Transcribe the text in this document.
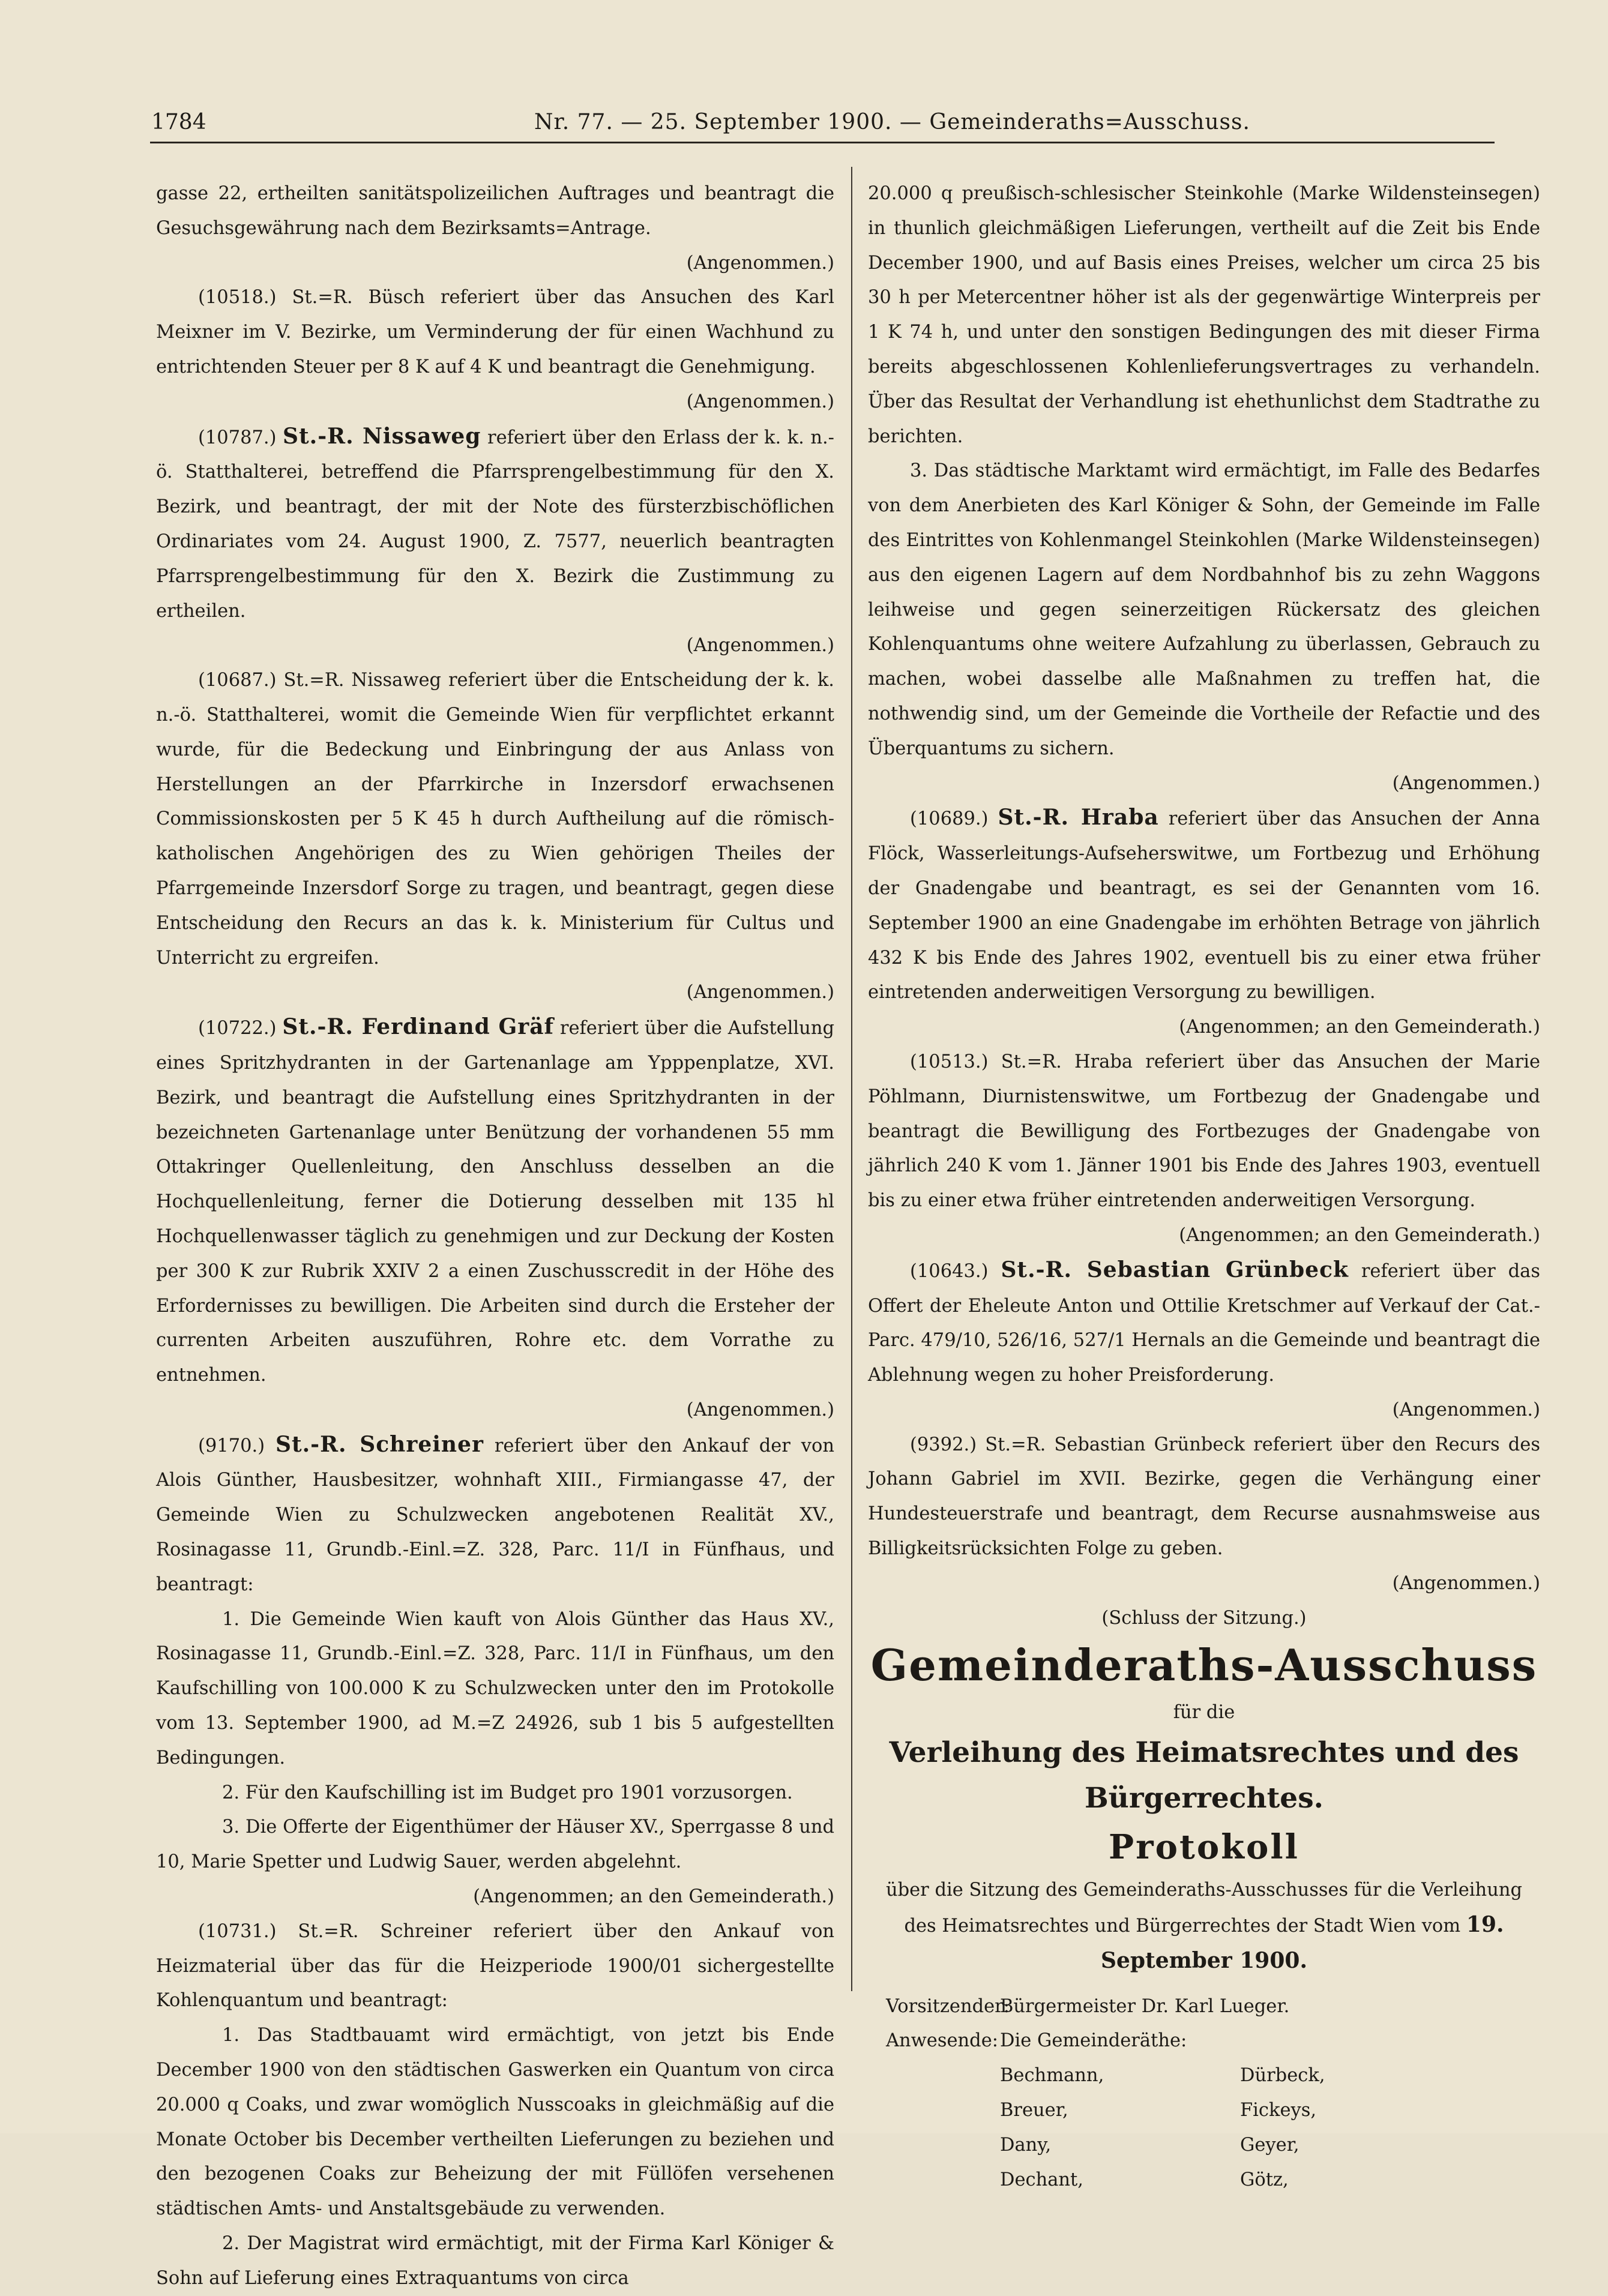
1784	Nr. 77. — 25. September 1900. — Gemeinderaths=Ausschuss.

gasse 22, ertheilten sanitätspolizeilichen Auftrages und beantragt die Gesuchsgewährung nach dem Bezirksamts=Antrage.

(Angenommen.)

(10518.) St.=R. Büsch referiert über das Ansuchen des Karl Meixner im V. Bezirke, um Verminderung der für einen Wachhund zu entrichtenden Steuer per 8 K auf 4 K und beantragt die Genehmigung.

(Angenommen.)

(10787.) St.-R. Nissaweg referiert über den Erlass der k. k. n.-ö. Statthalterei, betreffend die Pfarrsprengelbestimmung für den X. Bezirk, und beantragt, der mit der Note des fürsterzbischöflichen Ordinariates vom 24. August 1900, Z. 7577, neuerlich beantragten Pfarrsprengelbestimmung für den X. Bezirk die Zustimmung zu ertheilen.

(Angenommen.)

(10687.) St.=R. Nissaweg referiert über die Entscheidung der k. k. n.-ö. Statthalterei, womit die Gemeinde Wien für verpflichtet erkannt wurde, für die Bedeckung und Einbringung der aus Anlass von Herstellungen an der Pfarrkirche in Inzersdorf erwachsenen Commissionskosten per 5 K 45 h durch Auftheilung auf die römisch-katholischen Angehörigen des zu Wien gehörigen Theiles der Pfarrgemeinde Inzersdorf Sorge zu tragen, und beantragt, gegen diese Entscheidung den Recurs an das k. k. Ministerium für Cultus und Unterricht zu ergreifen.

(Angenommen.)

(10722.) St.-R. Ferdinand Gräf referiert über die Aufstellung eines Spritzhydranten in der Gartenanlage am Ypppenplatze, XVI. Bezirk, und beantragt die Aufstellung eines Spritzhydranten in der bezeichneten Gartenanlage unter Benützung der vorhandenen 55 mm Ottakringer Quellenleitung, den Anschluss desselben an die Hochquellenleitung, ferner die Dotierung desselben mit 135 hl Hochquellenwasser täglich zu genehmigen und zur Deckung der Kosten per 300 K zur Rubrik XXIV 2 a einen Zuschusscredit in der Höhe des Erfordernisses zu bewilligen. Die Arbeiten sind durch die Ersteher der currenten Arbeiten auszuführen, Rohre etc. dem Vorrathe zu entnehmen.

(Angenommen.)

(9170.) St.-R. Schreiner referiert über den Ankauf der von Alois Günther, Hausbesitzer, wohnhaft XIII., Firmiangasse 47, der Gemeinde Wien zu Schulzwecken angebotenen Realität XV., Rosinagasse 11, Grundb.-Einl.=Z. 328, Parc. 11/I in Fünfhaus, und beantragt:

1. Die Gemeinde Wien kauft von Alois Günther das Haus XV., Rosinagasse 11, Grundb.-Einl.=Z. 328, Parc. 11/I in Fünfhaus, um den Kaufschilling von 100.000 K zu Schulzwecken unter den im Protokolle vom 13. September 1900, ad M.=Z 24926, sub 1 bis 5 aufgestellten Bedingungen.

2. Für den Kaufschilling ist im Budget pro 1901 vorzusorgen.

3. Die Offerte der Eigenthümer der Häuser XV., Sperrgasse 8 und 10, Marie Spetter und Ludwig Sauer, werden abgelehnt.

(Angenommen; an den Gemeinderath.)

(10731.) St.=R. Schreiner referiert über den Ankauf von Heizmaterial über das für die Heizperiode 1900/01 sichergestellte Kohlenquantum und beantragt:

1. Das Stadtbauamt wird ermächtigt, von jetzt bis Ende December 1900 von den städtischen Gaswerken ein Quantum von circa 20.000 q Coaks, und zwar womöglich Nusscoaks in gleichmäßig auf die Monate October bis December vertheilten Lieferungen zu beziehen und den bezogenen Coaks zur Beheizung der mit Füllöfen versehenen städtischen Amts- und Anstaltsgebäude zu verwenden.

2. Der Magistrat wird ermächtigt, mit der Firma Karl Königer & Sohn auf Lieferung eines Extraquantums von circa

20.000 q preußisch-schlesischer Steinkohle (Marke Wildensteinsegen) in thunlich gleichmäßigen Lieferungen, vertheilt auf die Zeit bis Ende December 1900, und auf Basis eines Preises, welcher um circa 25 bis 30 h per Metercentner höher ist als der gegenwärtige Winterpreis per 1 K 74 h, und unter den sonstigen Bedingungen des mit dieser Firma bereits abgeschlossenen Kohlenlieferungsvertrages zu verhandeln. Über das Resultat der Verhandlung ist ehethunlichst dem Stadtrathe zu berichten.

3. Das städtische Marktamt wird ermächtigt, im Falle des Bedarfes von dem Anerbieten des Karl Königer & Sohn, der Gemeinde im Falle des Eintrittes von Kohlenmangel Steinkohlen (Marke Wildensteinsegen) aus den eigenen Lagern auf dem Nordbahnhof bis zu zehn Waggons leihweise und gegen seinerzeitigen Rückersatz des gleichen Kohlenquantums ohne weitere Aufzahlung zu überlassen, Gebrauch zu machen, wobei dasselbe alle Maßnahmen zu treffen hat, die nothwendig sind, um der Gemeinde die Vortheile der Refactie und des Überquantums zu sichern.

(Angenommen.)

(10689.) St.-R. Hraba referiert über das Ansuchen der Anna Flöck, Wasserleitungs-Aufseherswitwe, um Fortbezug und Erhöhung der Gnadengabe und beantragt, es sei der Genannten vom 16. September 1900 an eine Gnadengabe im erhöhten Betrage von jährlich 432 K bis Ende des Jahres 1902, eventuell bis zu einer etwa früher eintretenden anderweitigen Versorgung zu bewilligen.

(Angenommen; an den Gemeinderath.)

(10513.) St.=R. Hraba referiert über das Ansuchen der Marie Pöhlmann, Diurnistenswitwe, um Fortbezug der Gnadengabe und beantragt die Bewilligung des Fortbezuges der Gnadengabe von jährlich 240 K vom 1. Jänner 1901 bis Ende des Jahres 1903, eventuell bis zu einer etwa früher eintretenden anderweitigen Versorgung.

(Angenommen; an den Gemeinderath.)

(10643.) St.-R. Sebastian Grünbeck referiert über das Offert der Eheleute Anton und Ottilie Kretschmer auf Verkauf der Cat.-Parc. 479/10, 526/16, 527/1 Hernals an die Gemeinde und beantragt die Ablehnung wegen zu hoher Preisforderung.

(Angenommen.)

(9392.) St.=R. Sebastian Grünbeck referiert über den Recurs des Johann Gabriel im XVII. Bezirke, gegen die Verhängung einer Hundesteuerstrafe und beantragt, dem Recurse ausnahmsweise aus Billigkeitsrücksichten Folge zu geben.

(Angenommen.)

(Schluss der Sitzung.)

Gemeinderaths-Ausschuss

für die

Verleihung des Heimatsrechtes und des Bürgerrechtes.

Protokoll

über die Sitzung des Gemeinderaths-Ausschusses für die Verleihung des Heimatsrechtes und Bürgerrechtes der Stadt Wien vom 19. September 1900.

Vorsitzender:
Bürgermeister Dr. Karl Lueger.
Anwesende: Die Gemeinderäthe:
Bechmann,	Dürbeck,
Breuer,	Fickeys,
Dany,	Geyer,
Dechant,	Götz,
